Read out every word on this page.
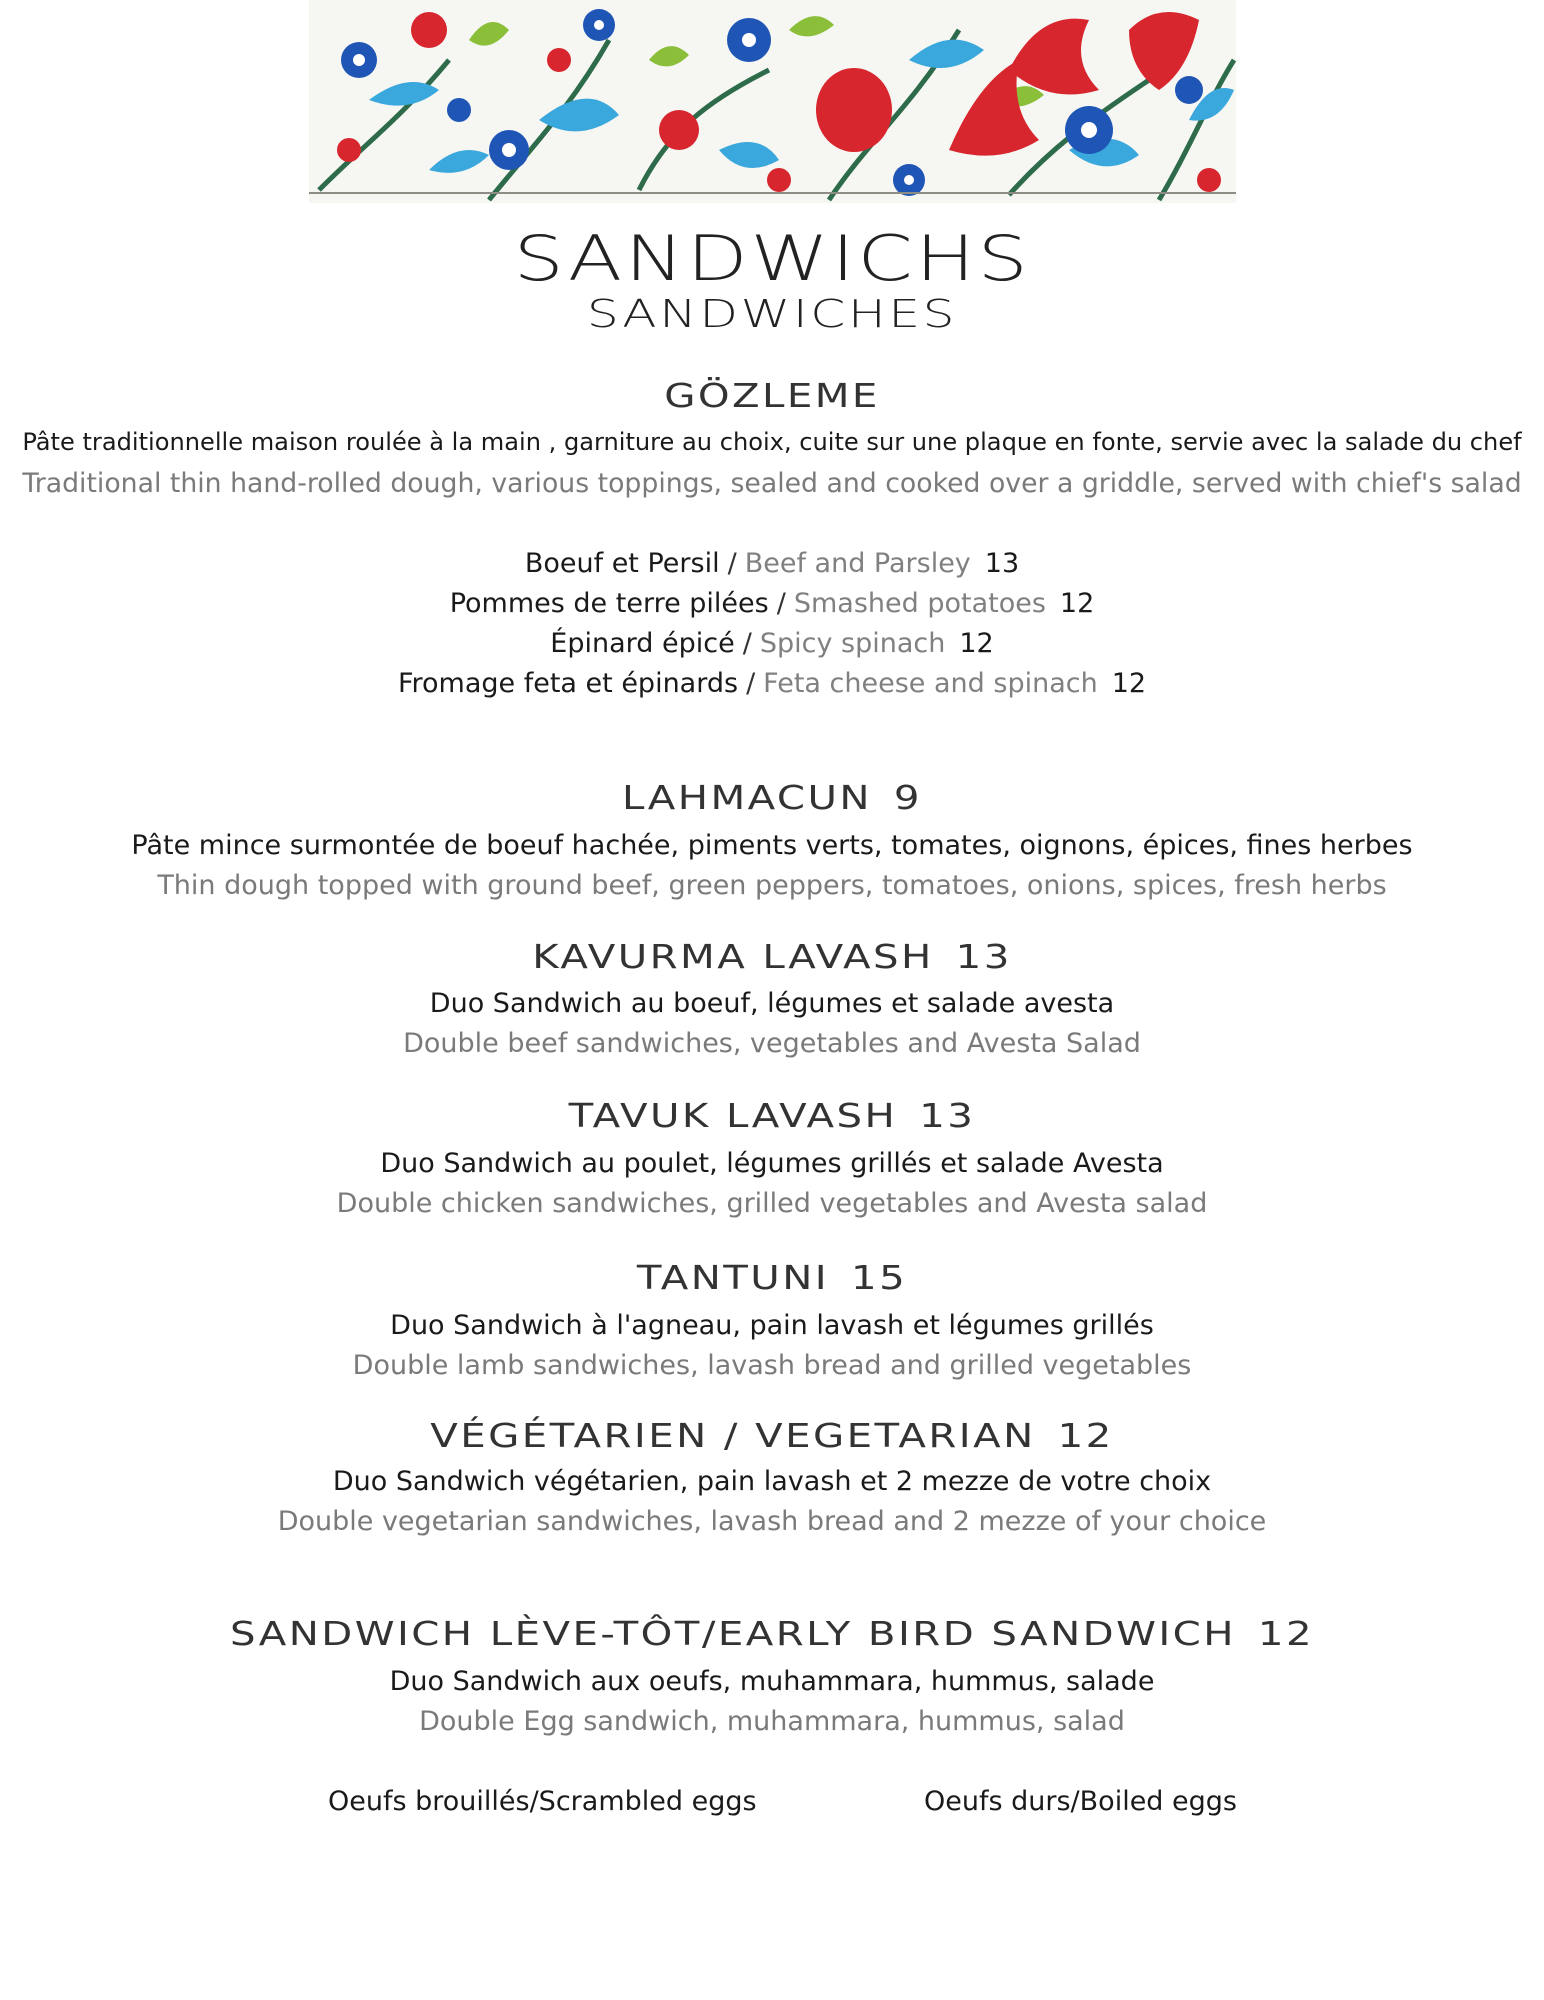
SANDWICHS
SANDWICHES
GÖZLEME
Pâte traditionnelle maison roulée à la main , garniture au choix, cuite sur une plaque en fonte, servie avec la salade du chef
Traditional thin hand-rolled dough, various toppings, sealed and cooked over a griddle, served with chief's salad
Boeuf et Persil / Beef and Parsley 13
Pommes de terre pilées / Smashed potatoes 12
Épinard épicé / Spicy spinach 12
Fromage feta et épinards / Feta cheese and spinach 12
LAHMACUN 9
Pâte mince surmontée de boeuf hachée, piments verts, tomates, oignons, épices, fines herbes
Thin dough topped with ground beef, green peppers, tomatoes, onions, spices, fresh herbs
KAVURMA LAVASH 13
Duo Sandwich au boeuf, légumes et salade avesta
Double beef sandwiches, vegetables and Avesta Salad
TAVUK LAVASH 13
Duo Sandwich au poulet, légumes grillés et salade Avesta
Double chicken sandwiches, grilled vegetables and Avesta salad
TANTUNI 15
Duo Sandwich à l'agneau, pain lavash et légumes grillés
Double lamb sandwiches, lavash bread and grilled vegetables
VÉGÉTARIEN / VEGETARIAN 12
Duo Sandwich végétarien, pain lavash et 2 mezze de votre choix
Double vegetarian sandwiches, lavash bread and 2 mezze of your choice
SANDWICH LÈVE-TÔT/EARLY BIRD SANDWICH 12
Duo Sandwich aux oeufs, muhammara, hummus, salade
Double Egg sandwich, muhammara, hummus, salad
Oeufs brouillés/Scrambled eggs	Oeufs durs/Boiled eggs
